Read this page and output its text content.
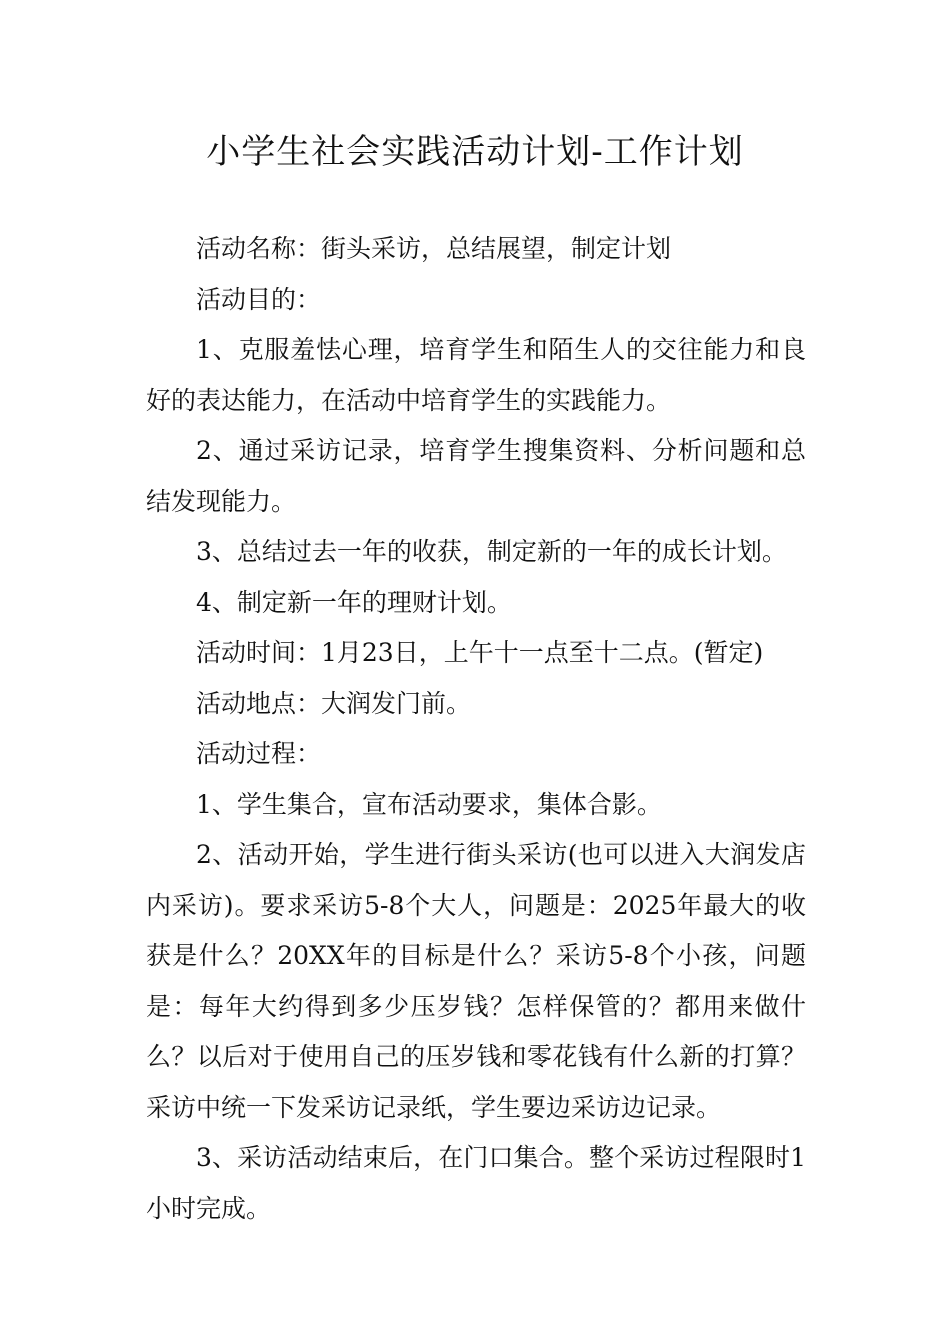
小学生社会实践活动计划-工作计划

活动名称：街头采访，总结展望，制定计划

活动目的：

1、克服羞怯心理，培育学生和陌生人的交往能力和良好的表达能力，在活动中培育学生的实践能力。

2、通过采访记录，培育学生搜集资料、分析问题和总结发现能力。

3、总结过去一年的收获，制定新的一年的成长计划。

4、制定新一年的理财计划。

活动时间：1月23日，上午十一点至十二点。(暂定)

活动地点：大润发门前。

活动过程：

1、学生集合，宣布活动要求，集体合影。

2、活动开始，学生进行街头采访(也可以进入大润发店内采访)。要求采访5-8个大人，问题是：2025年最大的收获是什么？20XX年的目标是什么？采访5-8个小孩，问题是：每年大约得到多少压岁钱？怎样保管的？都用来做什么？以后对于使用自己的压岁钱和零花钱有什么新的打算？采访中统一下发采访记录纸，学生要边采访边记录。

3、采访活动结束后，在门口集合。整个采访过程限时1小时完成。
